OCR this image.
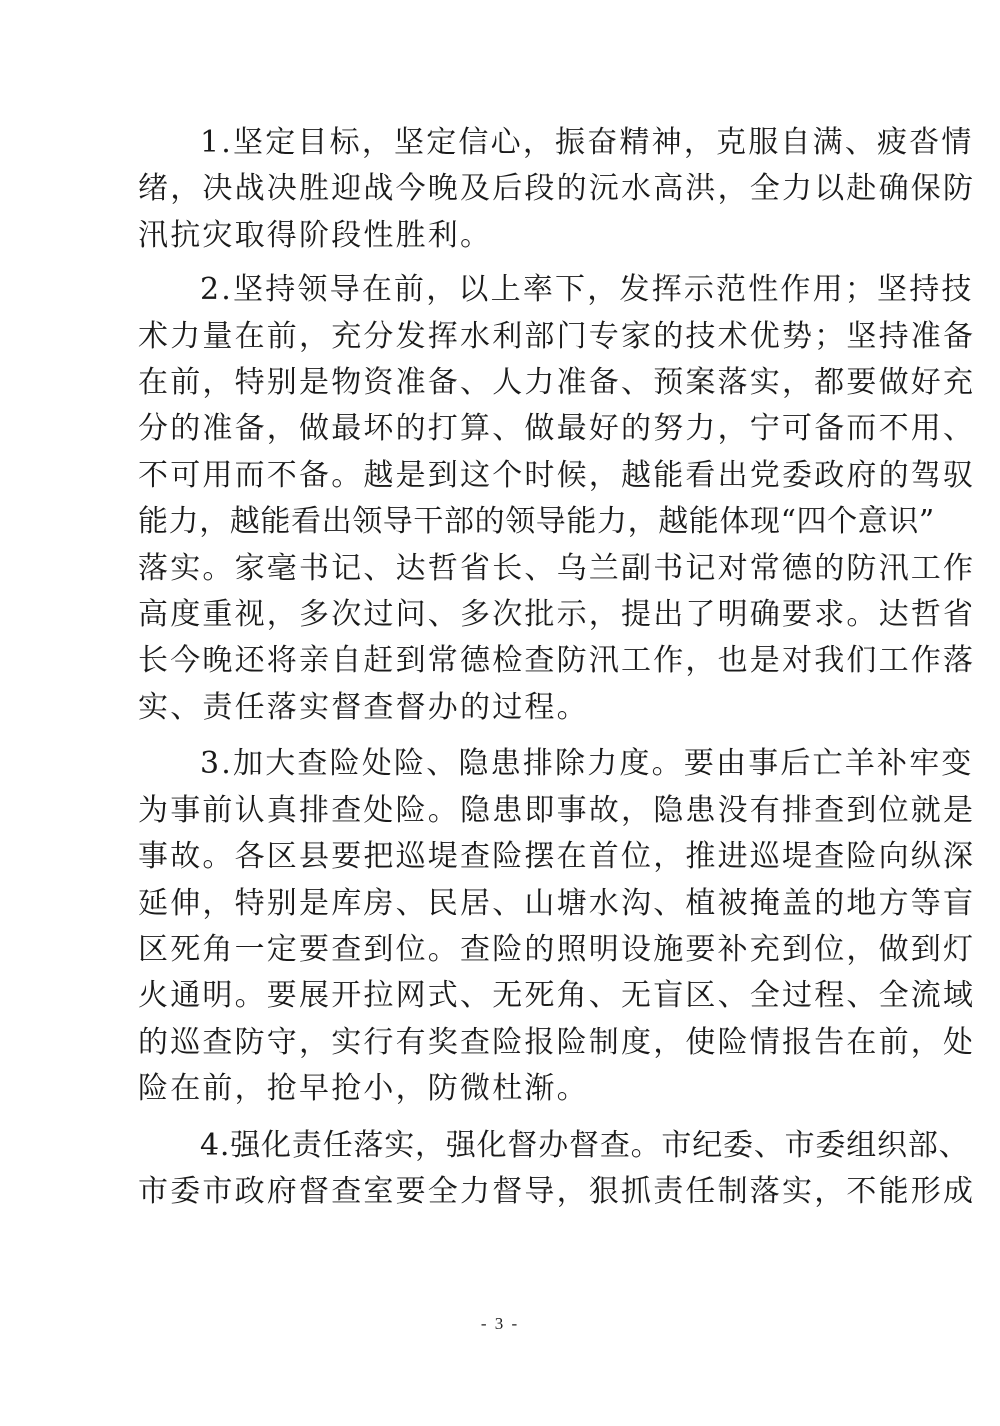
1.坚定目标，坚定信心，振奋精神，克服自满、疲沓情
绪，决战决胜迎战今晚及后段的沅水高洪，全力以赴确保防
汛抗灾取得阶段性胜利。

2.坚持领导在前，以上率下，发挥示范性作用；坚持技
术力量在前，充分发挥水利部门专家的技术优势；坚持准备
在前，特别是物资准备、人力准备、预案落实，都要做好充
分的准备，做最坏的打算、做最好的努力，宁可备而不用、
不可用而不备。越是到这个时候，越能看出党委政府的驾驭
能力，越能看出领导干部的领导能力，越能体现“四个意识”
落实。家毫书记、达哲省长、乌兰副书记对常德的防汛工作
高度重视，多次过问、多次批示，提出了明确要求。达哲省
长今晚还将亲自赶到常德检查防汛工作，也是对我们工作落
实、责任落实督查督办的过程。

3.加大查险处险、隐患排除力度。要由事后亡羊补牢变
为事前认真排查处险。隐患即事故，隐患没有排查到位就是
事故。各区县要把巡堤查险摆在首位，推进巡堤查险向纵深
延伸，特别是库房、民居、山塘水沟、植被掩盖的地方等盲
区死角一定要查到位。查险的照明设施要补充到位，做到灯
火通明。要展开拉网式、无死角、无盲区、全过程、全流域
的巡查防守，实行有奖查险报险制度，使险情报告在前，处
险在前，抢早抢小，防微杜渐。

4.强化责任落实，强化督办督查。市纪委、市委组织部、
市委市政府督查室要全力督导，狠抓责任制落实，不能形成

- 3 -
